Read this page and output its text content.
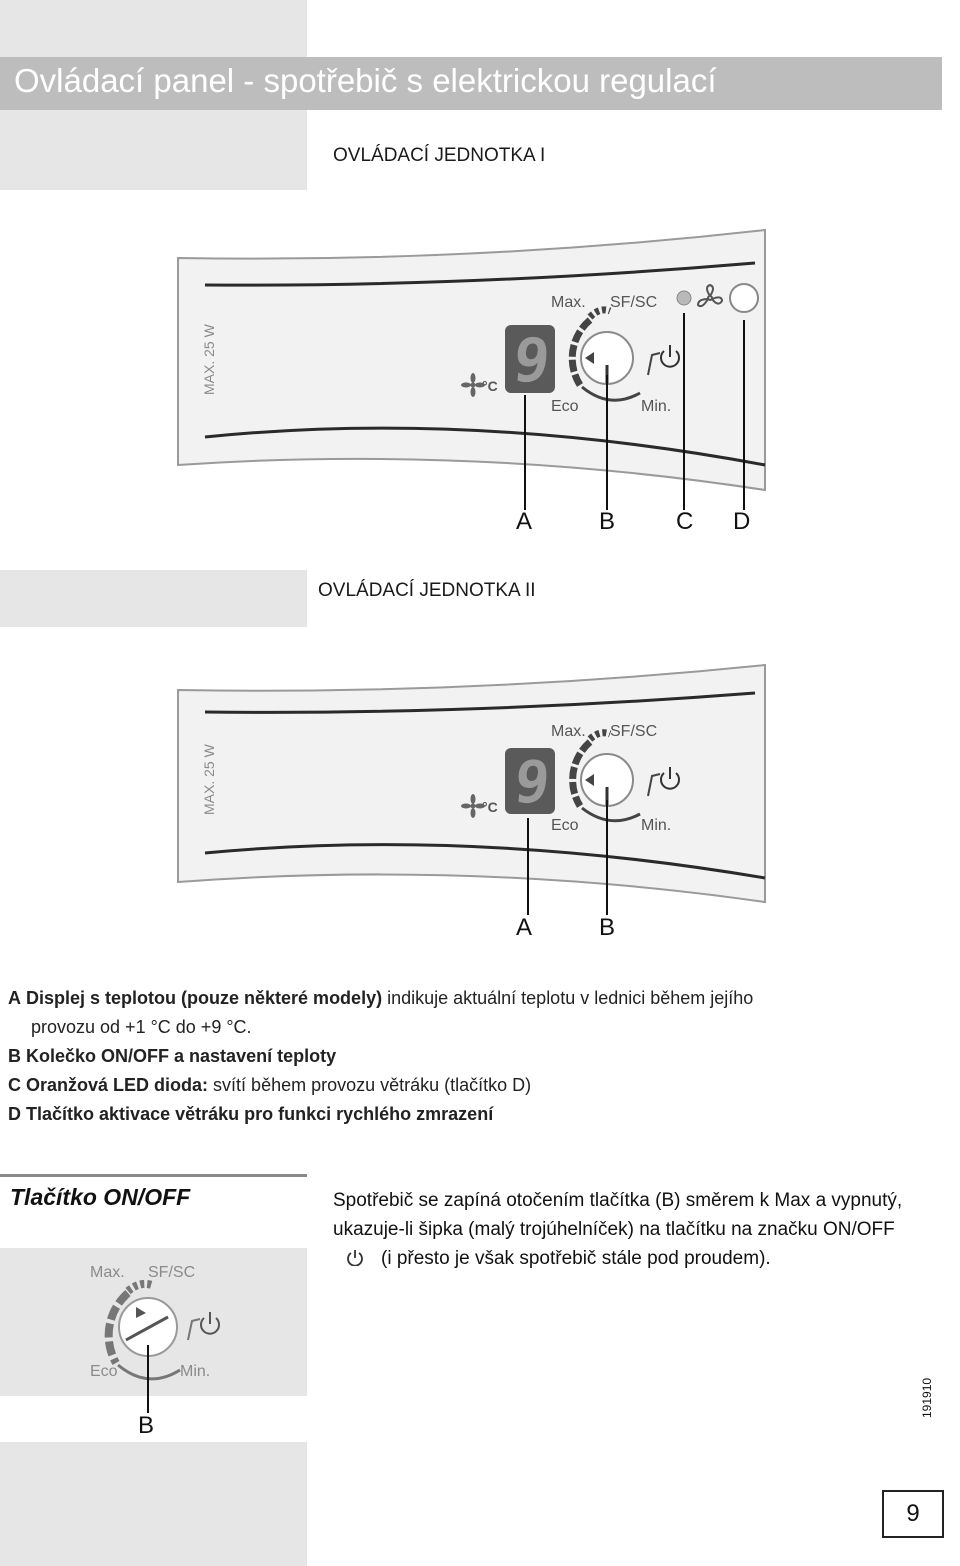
Ovládací panel - spotřebič s elektrickou regulací
OVLÁDACÍ JEDNOTKA I
MAX. 25 W	°C 9
Max. SF/SC
Eco	Min.
A	B	C D
OVLÁDACÍ JEDNOTKA II
MAX. 25 W	°C 9
Max. SF/SC
Eco	Min.
A	B
A Displej s teplotou (pouze některé modely) indikuje aktuální teplotu v lednici během jejího
provozu od +1 °C do +9 °C.
B Kolečko ON/OFF a nastavení teploty
C Oranžová LED dioda: svítí během provozu větráku (tlačítko D)
D Tlačítko aktivace větráku pro funkci rychlého zmrazení
Tlačítko ON/OFF
Max. SF/SC
Eco	Min.
B
Spotřebič se zapíná otočením tlačítka (B) směrem k Max a vypnutý, ukazuje-li šipka (malý trojúhelníček) na tlačítku na značku ON/OFF(i přesto je však spotřebič stále pod proudem).
191910
9
